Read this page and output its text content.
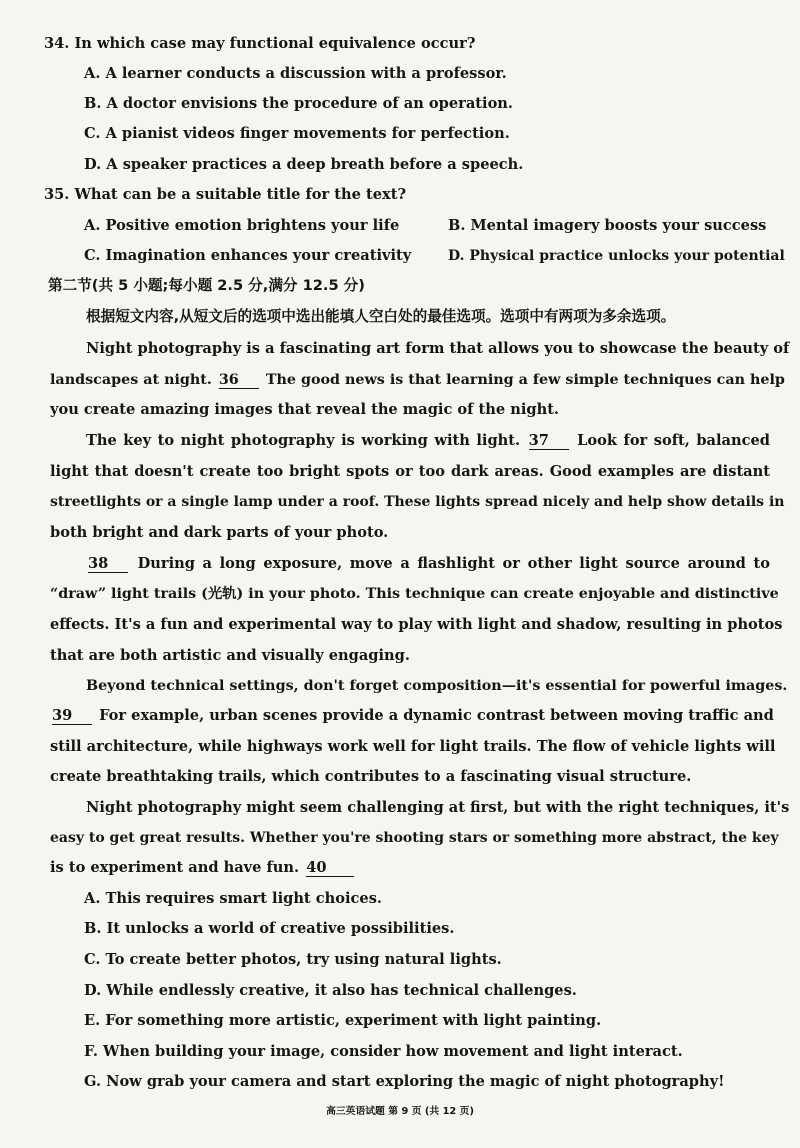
34. In which case may functional equivalence occur?
A. A learner conducts a discussion with a professor.
B. A doctor envisions the procedure of an operation.
C. A pianist videos finger movements for perfection.
D. A speaker practices a deep breath before a speech.
35. What can be a suitable title for the text?
A. Positive emotion brightens your life	B. Mental imagery boosts your success
C. Imagination enhances your creativity	D. Physical practice unlocks your potential
第二节(共 5 小题;每小题 2.5 分,满分 12.5 分)
根据短文内容,从短文后的选项中选出能填人空白处的最佳选项。选项中有两项为多余选项。
Night photography is a fascinating art form that allows you to showcase the beauty of
landscapes at night. 36 The good news is that learning a few simple techniques can help
you create amazing images that reveal the magic of the night.
The key to night photography is working with light. 37 Look for soft, balanced
light that doesn't create too bright spots or too dark areas. Good examples are distant
streetlights or a single lamp under a roof. These lights spread nicely and help show details in
both bright and dark parts of your photo.
38 During a long exposure, move a flashlight or other light source around to
“draw” light trails (光轨) in your photo. This technique can create enjoyable and distinctive
effects. It's a fun and experimental way to play with light and shadow, resulting in photos
that are both artistic and visually engaging.
Beyond technical settings, don't forget composition—it's essential for powerful images.
39 For example, urban scenes provide a dynamic contrast between moving traffic and
still architecture, while highways work well for light trails. The flow of vehicle lights will
create breathtaking trails, which contributes to a fascinating visual structure.
Night photography might seem challenging at first, but with the right techniques, it's
easy to get great results. Whether you're shooting stars or something more abstract, the key
is to experiment and have fun. 40
A. This requires smart light choices.
B. It unlocks a world of creative possibilities.
C. To create better photos, try using natural lights.
D. While endlessly creative, it also has technical challenges.
E. For something more artistic, experiment with light painting.
F. When building your image, consider how movement and light interact.
G. Now grab your camera and start exploring the magic of night photography!
高三英语试题 第 9 页 (共 12 页)
